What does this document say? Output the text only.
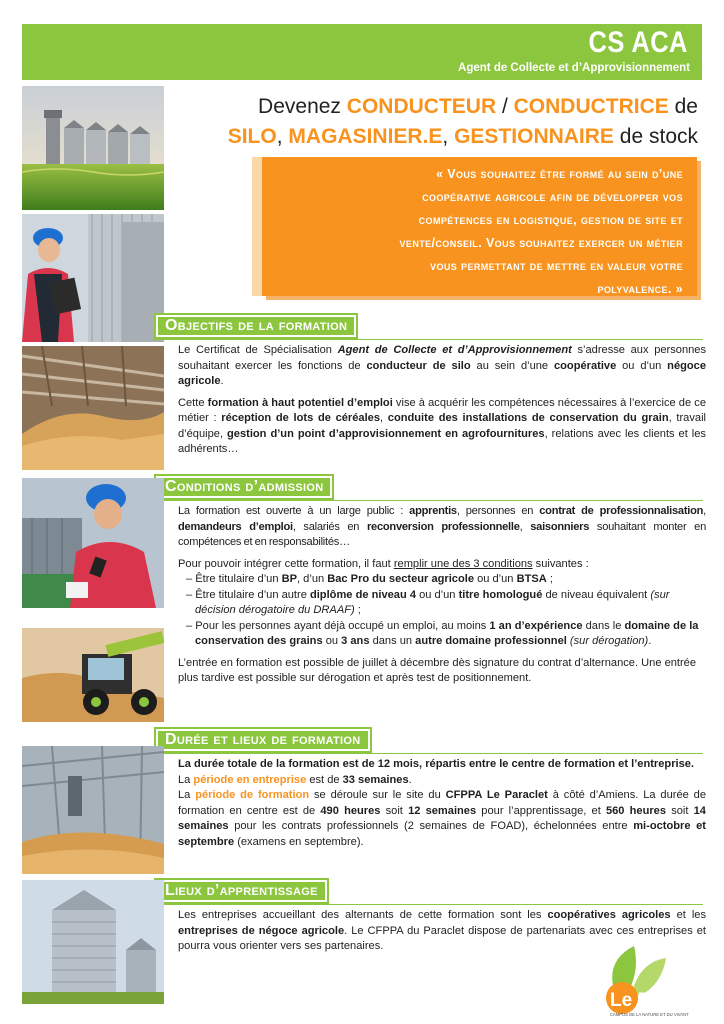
CS ACA
Agent de Collecte et d’Approvisionnement
Devenez CONDUCTEUR / CONDUCTRICE de
SILO, MAGASINIER.E, GESTIONNAIRE de stock
« Vous souhaitez être formé au sein d’une
coopérative agricole afin de développer vos
compétences en logistique, gestion de site et
vente/conseil. Vous souhaitez exercer un métier
vous permettant de mettre en valeur votre
polyvalence. »
Objectifs de la formation

Le Certificat de Spécialisation Agent de Collecte et d’Approvisionnement s’adresse aux personnes souhaitant exercer les fonctions de conducteur de silo au sein d’une coopérative ou d’un négoce agricole.

Cette formation à haut potentiel d’emploi vise à acquérir les compétences nécessaires à l’exercice de ce métier : réception de lots de céréales, conduite des installations de conservation du grain, travail d’équipe, gestion d’un point d’approvisionnement en agrofournitures, relations avec les clients et les adhérents…

Conditions d’admission

La formation est ouverte à un large public : apprentis, personnes en contrat de professionnalisation, demandeurs d’emploi, salariés en reconversion professionnelle, saisonniers souhaitant monter en compétences et en responsabilités…

Pour pouvoir intégrer cette formation, il faut remplir une des 3 conditions suivantes :

– Être titulaire d’un BP, d’un Bac Pro du secteur agricole ou d’un BTSA ;

– Être titulaire d’un autre diplôme de niveau 4 ou d’un titre homologué de niveau équivalent (sur décision dérogatoire du DRAAF) ;

– Pour les personnes ayant déjà occupé un emploi, au moins 1 an d’expérience dans le domaine de la conservation des grains ou 3 ans dans un autre domaine professionnel (sur dérogation).

L’entrée en formation est possible de juillet à décembre dès signature du contrat d’alternance. Une entrée plus tardive est possible sur dérogation et après test de positionnement.

Durée et lieux de formation

La durée totale de la formation est de 12 mois, répartis entre le centre de formation et l’entreprise.

La période en entreprise est de 33 semaines.

La période de formation se déroule sur le site du CFPPA Le Paraclet à côté d’Amiens. La durée de formation en centre est de 490 heures soit 12 semaines pour l’apprentissage, et 560 heures soit 14 semaines pour les contrats professionnels (2 semaines de FOAD), échelonnées entre mi-octobre et septembre (examens en septembre).

Lieux d’apprentissage

Les entreprises accueillant des alternants de cette formation sont les coopératives agricoles et les entreprises de négoce agricole. Le CFPPA du Paraclet dispose de partenariats avec ces entreprises et pourra vous orienter vers ses partenaires.

Le Paraclet
CAMPUS DE LA NATURE ET DU VIVANT
